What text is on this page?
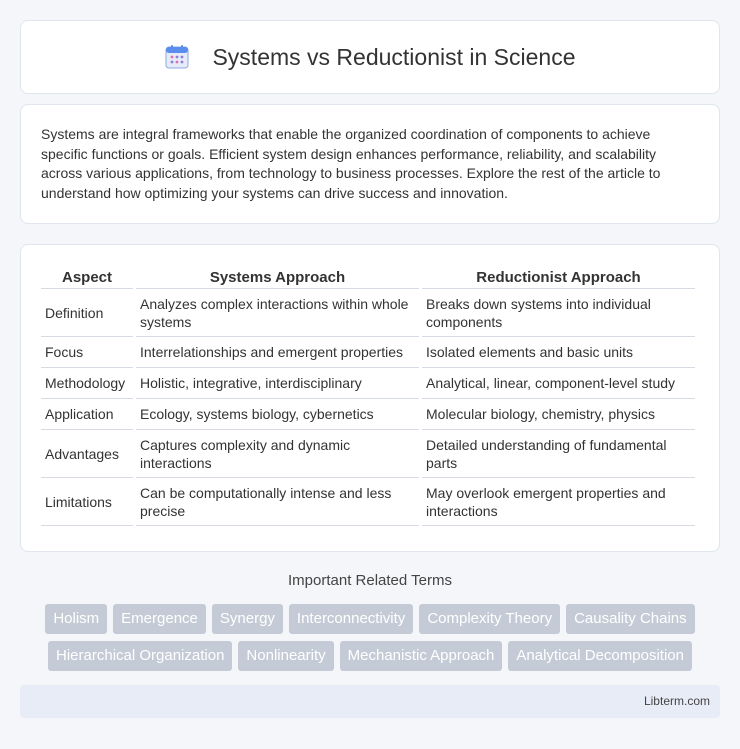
Systems vs Reductionist in Science

Systems are integral frameworks that enable the organized coordination of components to achieve specific functions or goals. Efficient system design enhances performance, reliability, and scalability across various applications, from technology to business processes. Explore the rest of the article to understand how optimizing your systems can drive success and innovation.

Aspect	Systems Approach	Reductionist Approach
Definition	Analyzes complex interactions within whole systems	Breaks down systems into individual components
Focus	Interrelationships and emergent properties	Isolated elements and basic units
Methodology	Holistic, integrative, interdisciplinary	Analytical, linear, component-level study
Application	Ecology, systems biology, cybernetics	Molecular biology, chemistry, physics
Advantages	Captures complexity and dynamic interactions	Detailed understanding of fundamental parts
Limitations	Can be computationally intense and less precise	May overlook emergent properties and interactions
Important Related Terms
Holism	Emergence	Synergy	Interconnectivity	Complexity Theory	Causality Chains
Hierarchical Organization	Nonlinearity	Mechanistic Approach	Analytical Decomposition
Libterm.com
